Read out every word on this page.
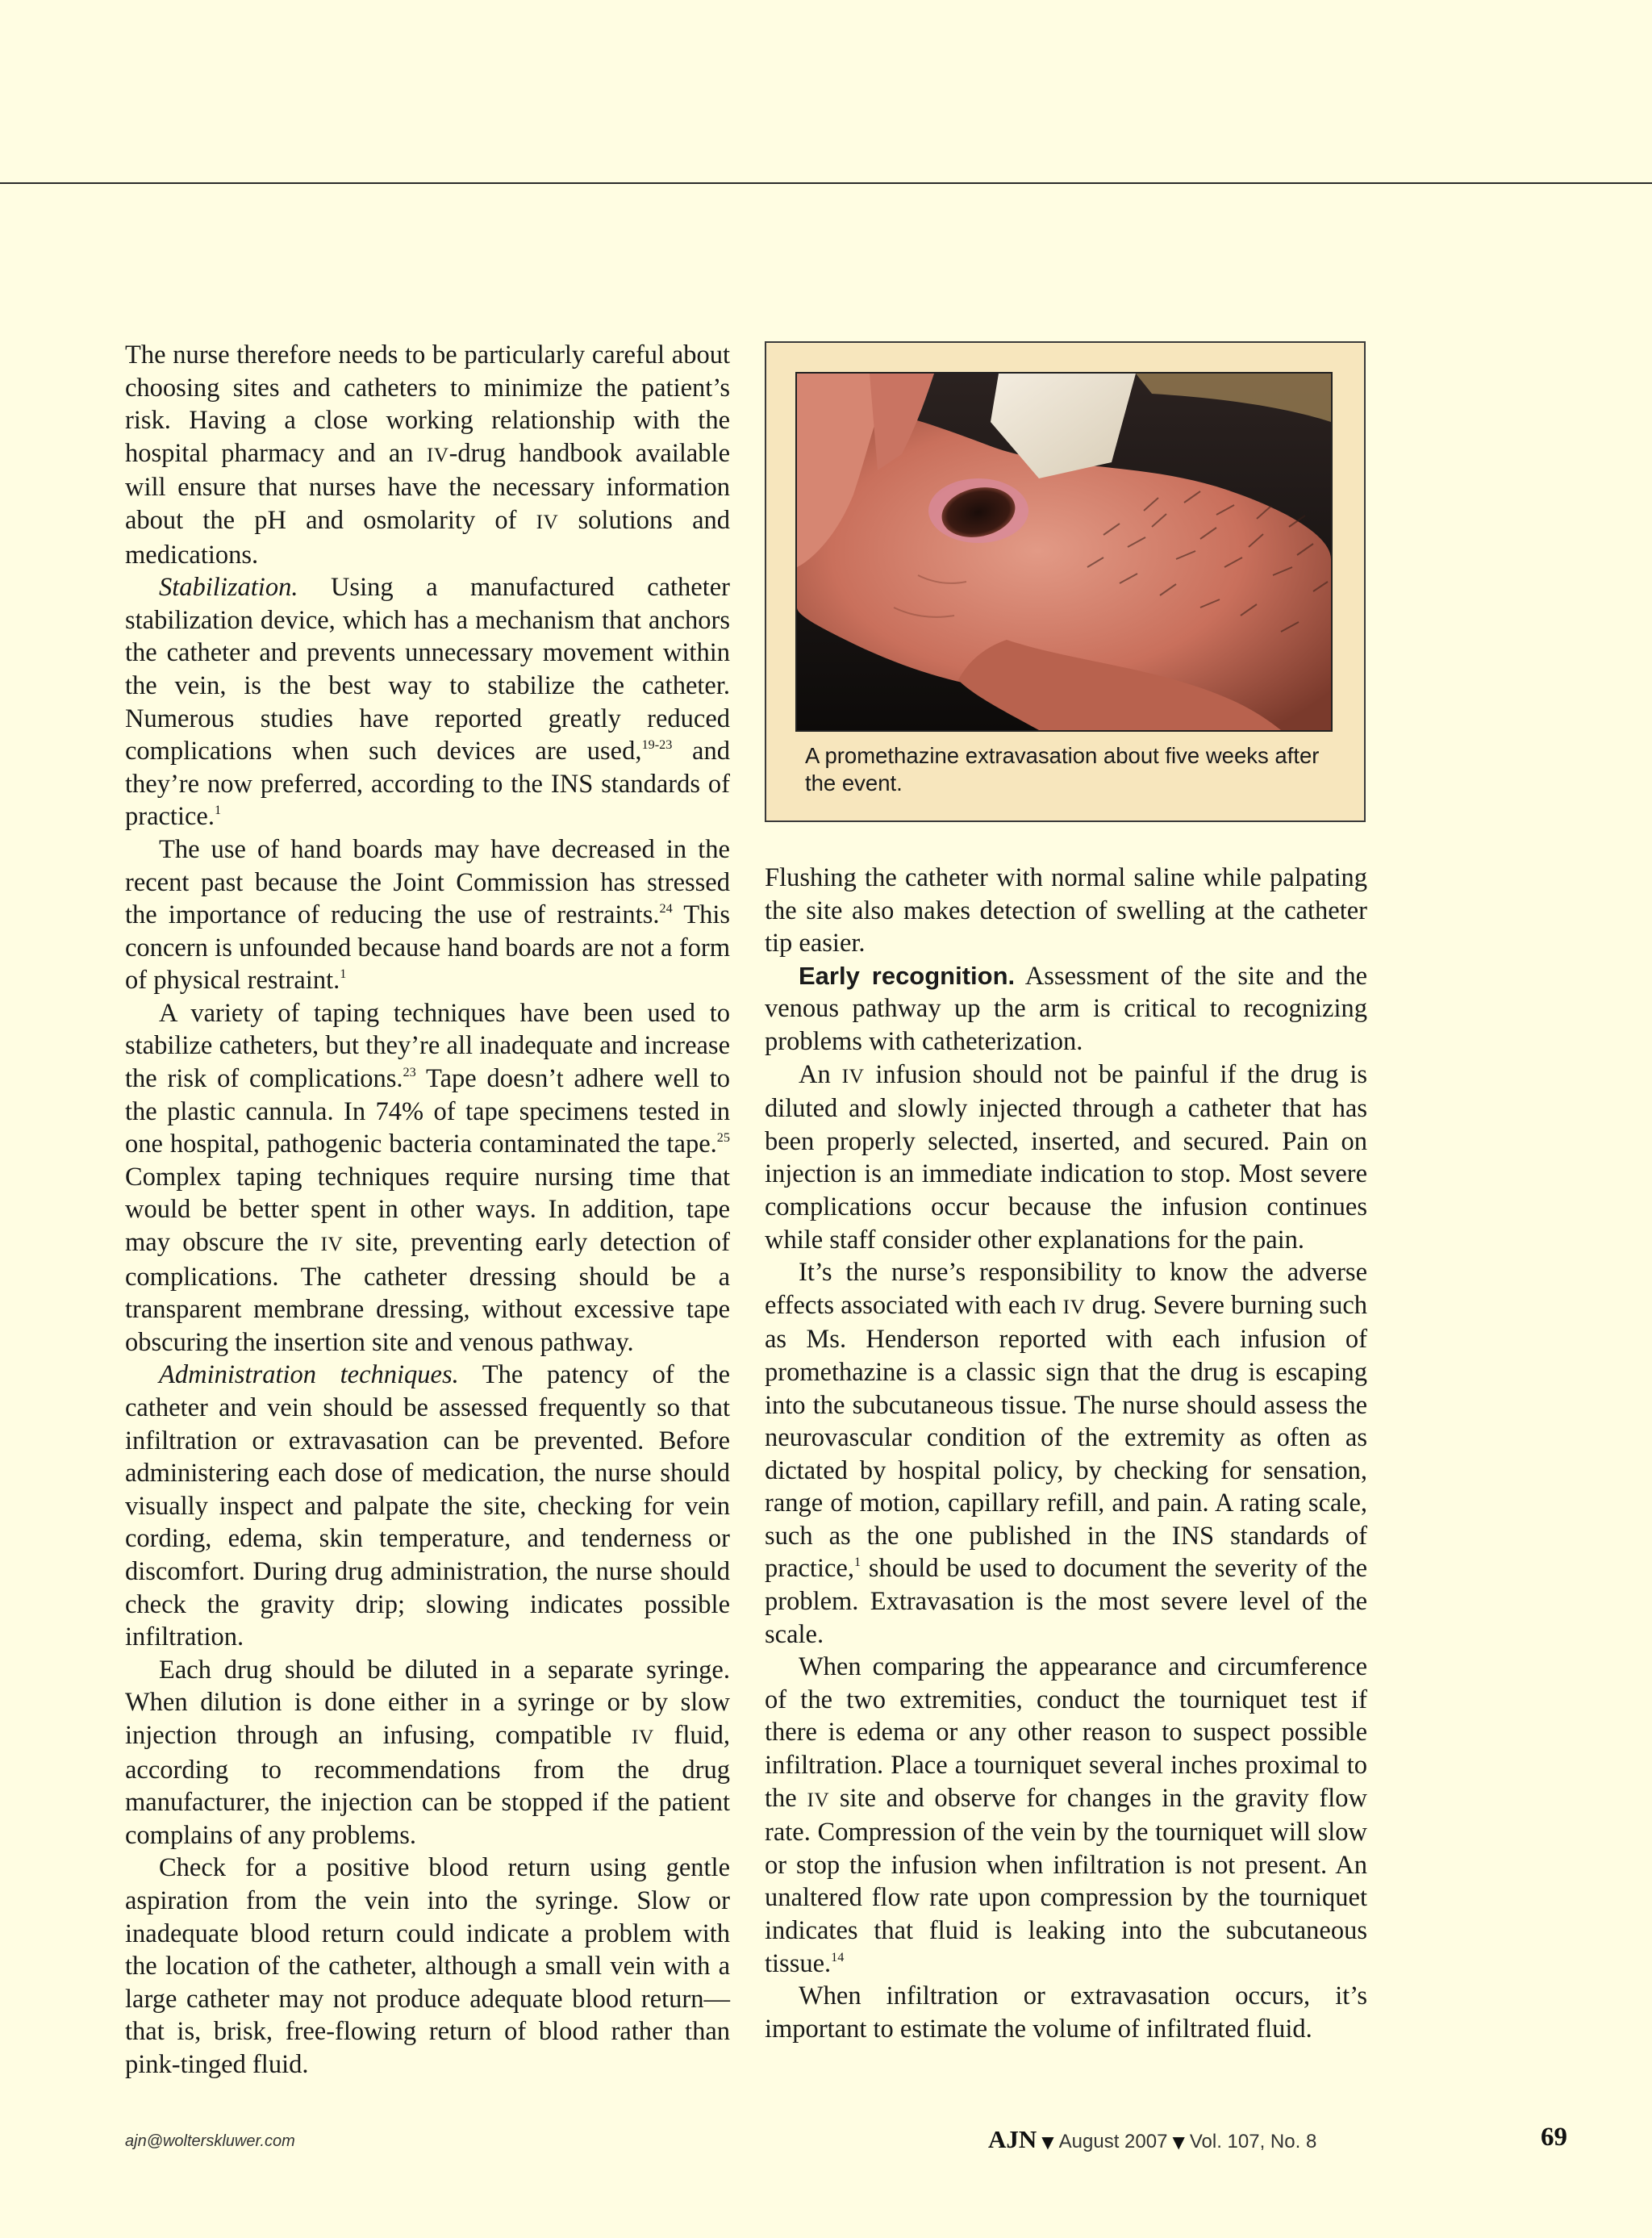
The nurse therefore needs to be particularly careful about choosing sites and catheters to minimize the patient’s risk. Having a close working relationship with the hospital pharmacy and an IV-drug handbook available will ensure that nurses have the necessary information about the pH and osmolarity of IV solutions and medications.

Stabilization. Using a manufactured catheter stabilization device, which has a mechanism that anchors the catheter and prevents unnecessary movement within the vein, is the best way to stabilize the catheter. Numerous studies have reported greatly reduced complications when such devices are used,$^{19-23}$ and they’re now preferred, according to the INS standards of practice.$^1$

The use of hand boards may have decreased in the recent past because the Joint Commission has stressed the importance of reducing the use of restraints.$^{24}$ This concern is unfounded because hand boards are not a form of physical restraint.$^1$

A variety of taping techniques have been used to stabilize catheters, but they’re all inadequate and increase the risk of complications.$^{23}$ Tape doesn’t adhere well to the plastic cannula. In 74% of tape specimens tested in one hospital, pathogenic bacteria contaminated the tape.$^{25}$ Complex taping techniques require nursing time that would be better spent in other ways. In addition, tape may obscure the IV site, preventing early detection of complications. The catheter dressing should be a transparent membrane dressing, without excessive tape obscuring the insertion site and venous pathway.

Administration techniques. The patency of the catheter and vein should be assessed frequently so that infiltration or extravasation can be prevented. Before administering each dose of medication, the nurse should visually inspect and palpate the site, checking for vein cording, edema, skin temperature, and tenderness or discomfort. During drug administration, the nurse should check the gravity drip; slowing indicates possible infiltration.

Each drug should be diluted in a separate syringe. When dilution is done either in a syringe or by slow injection through an infusing, compatible IV fluid, according to recommendations from the drug manufacturer, the injection can be stopped if the patient complains of any problems.

Check for a positive blood return using gentle aspiration from the vein into the syringe. Slow or inadequate blood return could indicate a problem with the location of the catheter, although a small vein with a large catheter may not produce adequate blood return—that is, brisk, free-flowing return of blood rather than pink-tinged fluid.

A promethazine extravasation about five weeks after the event.

Flushing the catheter with normal saline while palpating the site also makes detection of swelling at the catheter tip easier.

Early recognition. Assessment of the site and the venous pathway up the arm is critical to recognizing problems with catheterization.

An IV infusion should not be painful if the drug is diluted and slowly injected through a catheter that has been properly selected, inserted, and secured. Pain on injection is an immediate indication to stop. Most severe complications occur because the infusion continues while staff consider other explanations for the pain.

It’s the nurse’s responsibility to know the adverse effects associated with each IV drug. Severe burning such as Ms. Henderson reported with each infusion of promethazine is a classic sign that the drug is escaping into the subcutaneous tissue. The nurse should assess the neurovascular condition of the extremity as often as dictated by hospital policy, by checking for sensation, range of motion, capillary refill, and pain. A rating scale, such as the one published in the INS standards of practice,$^1$ should be used to document the severity of the problem. Extravasation is the most severe level of the scale.

When comparing the appearance and circumference of the two extremities, conduct the tourniquet test if there is edema or any other reason to suspect possible infiltration. Place a tourniquet several inches proximal to the IV site and observe for changes in the gravity flow rate. Compression of the vein by the tourniquet will slow or stop the infusion when infiltration is not present. An unaltered flow rate upon compression by the tourniquet indicates that fluid is leaking into the subcutaneous tissue.$^{14}$

When infiltration or extravasation occurs, it’s important to estimate the volume of infiltrated fluid.

ajn@wolterskluwer.com	AJN ▼ August 2007 ▼ Vol. 107, No. 8	69
